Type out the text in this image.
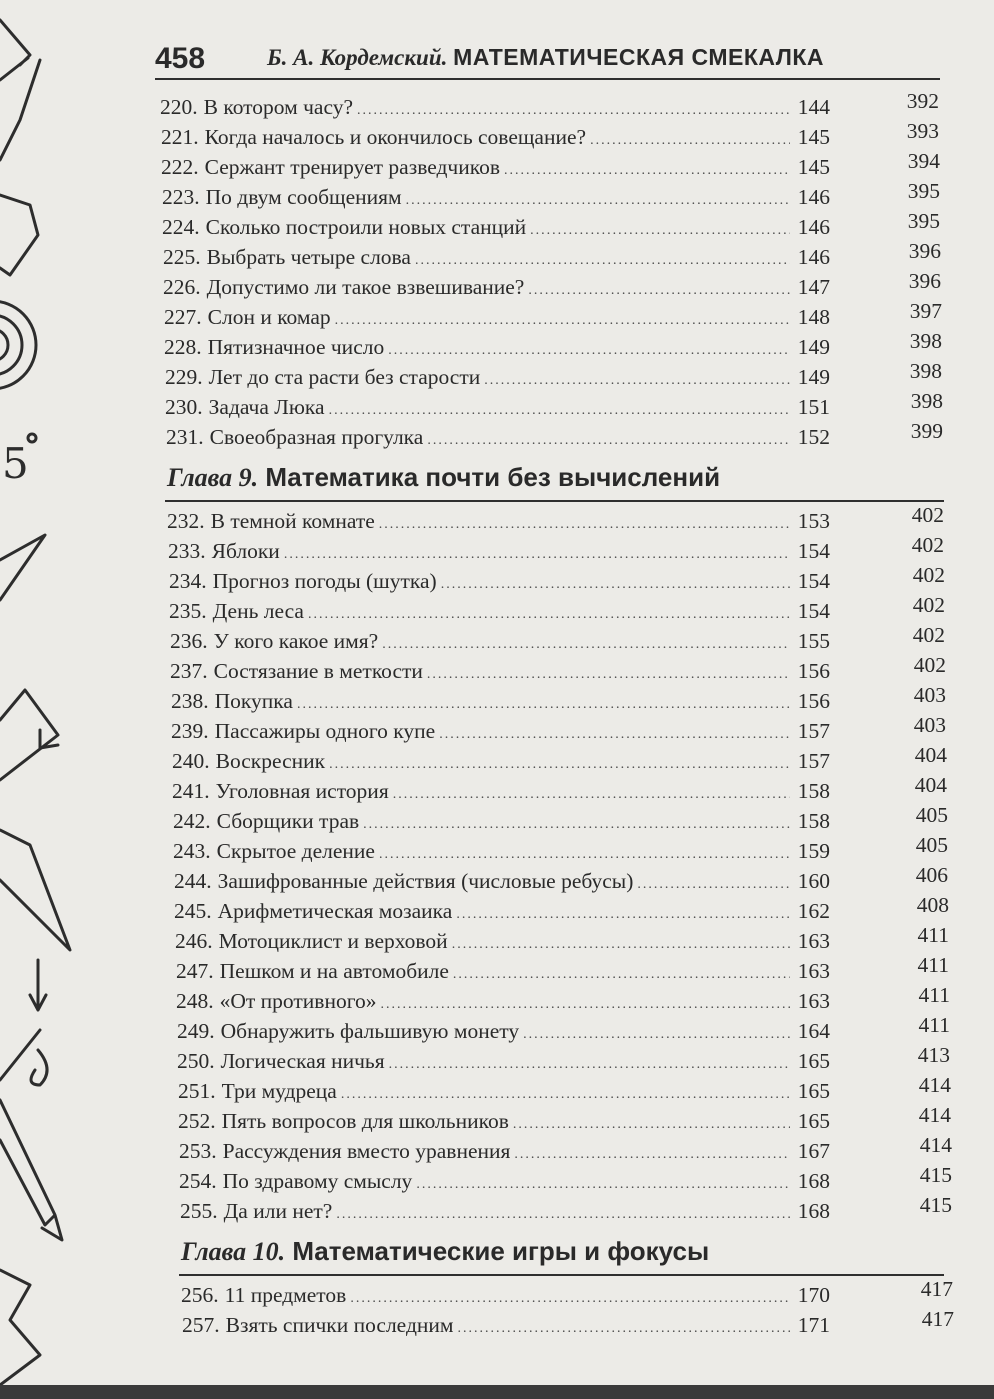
5
458	Б. А. Кордемский. МАТЕМАТИЧЕСКАЯ СМЕКАЛКА
220. В котором часу? .....	144	392
221. Когда началось и окончилось совещание? .....	145	393
222. Сержант тренирует разведчиков .....	145	394
223. По двум сообщениям .....	146	395
224. Сколько построили новых станций .....	146	395
225. Выбрать четыре слова .....	146	396
226. Допустимо ли такое взвешивание? .....	147	396
227. Слон и комар .....	148	397
228. Пятизначное число .....	149	398
229. Лет до ста расти без старости .....	149	398
230. Задача Люка .....	151	398
231. Своеобразная прогулка .....	152	399
Глава 9. Математика почти без вычислений
232. В темной комнате .....	153	402
233. Яблоки .....	154	402
234. Прогноз погоды (шутка) .....	154	402
235. День леса .....	154	402
236. У кого какое имя? .....	155	402
237. Состязание в меткости .....	156	402
238. Покупка .....	156	403
239. Пассажиры одного купе .....	157	403
240. Воскресник .....	157	404
241. Уголовная история .....	158	404
242. Сборщики трав .....	158	405
243. Скрытое деление .....	159	405
244. Зашифрованные действия (числовые ребусы) .....	160	406
245. Арифметическая мозаика .....	162	408
246. Мотоциклист и верховой .....	163	411
247. Пешком и на автомобиле .....	163	411
248. «От противного» .....	163	411
249. Обнаружить фальшивую монету .....	164	411
250. Логическая ничья .....	165	413
251. Три мудреца .....	165	414
252. Пять вопросов для школьников .....	165	414
253. Рассуждения вместо уравнения .....	167	414
254. По здравому смыслу .....	168	415
255. Да или нет? .....	168	415
Глава 10. Математические игры и фокусы
256. 11 предметов .....	170	417
257. Взять спички последним .....	171	417
